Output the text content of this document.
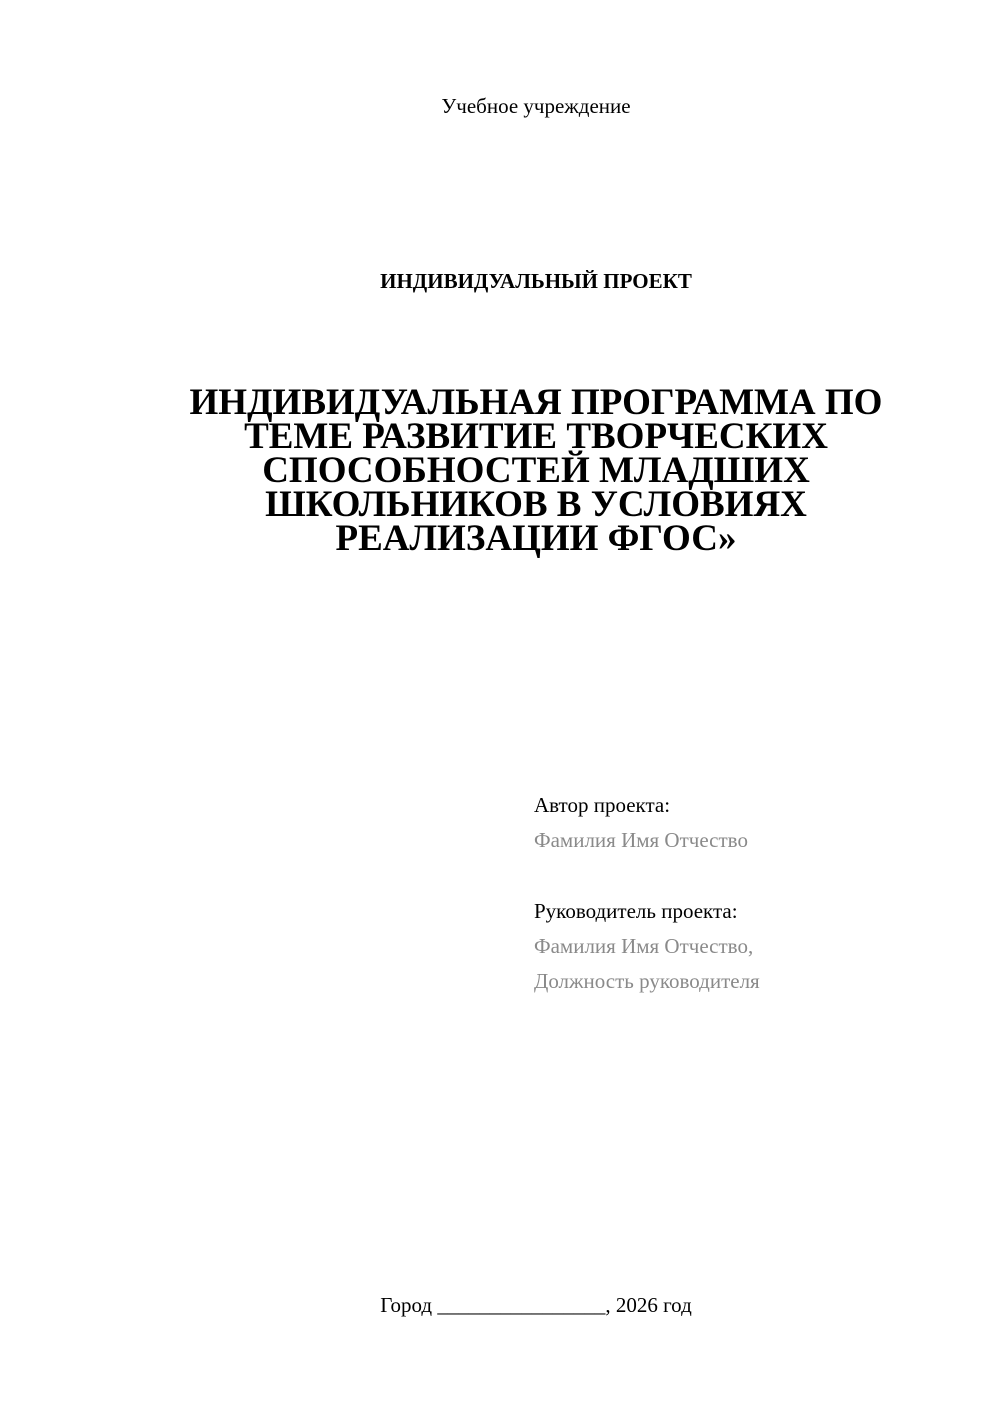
Учебное учреждение
ИНДИВИДУАЛЬНЫЙ ПРОЕКТ
ИНДИВИДУАЛЬНАЯ ПРОГРАММА ПО
ТЕМЕ РАЗВИТИЕ ТВОРЧЕСКИХ
СПОСОБНОСТЕЙ МЛАДШИХ
ШКОЛЬНИКОВ В УСЛОВИЯХ
РЕАЛИЗАЦИИ ФГОС»
Автор проекта:
Фамилия Имя Отчество
Руководитель проекта:
Фамилия Имя Отчество,
Должность руководителя
Город ________________, 2026 год
